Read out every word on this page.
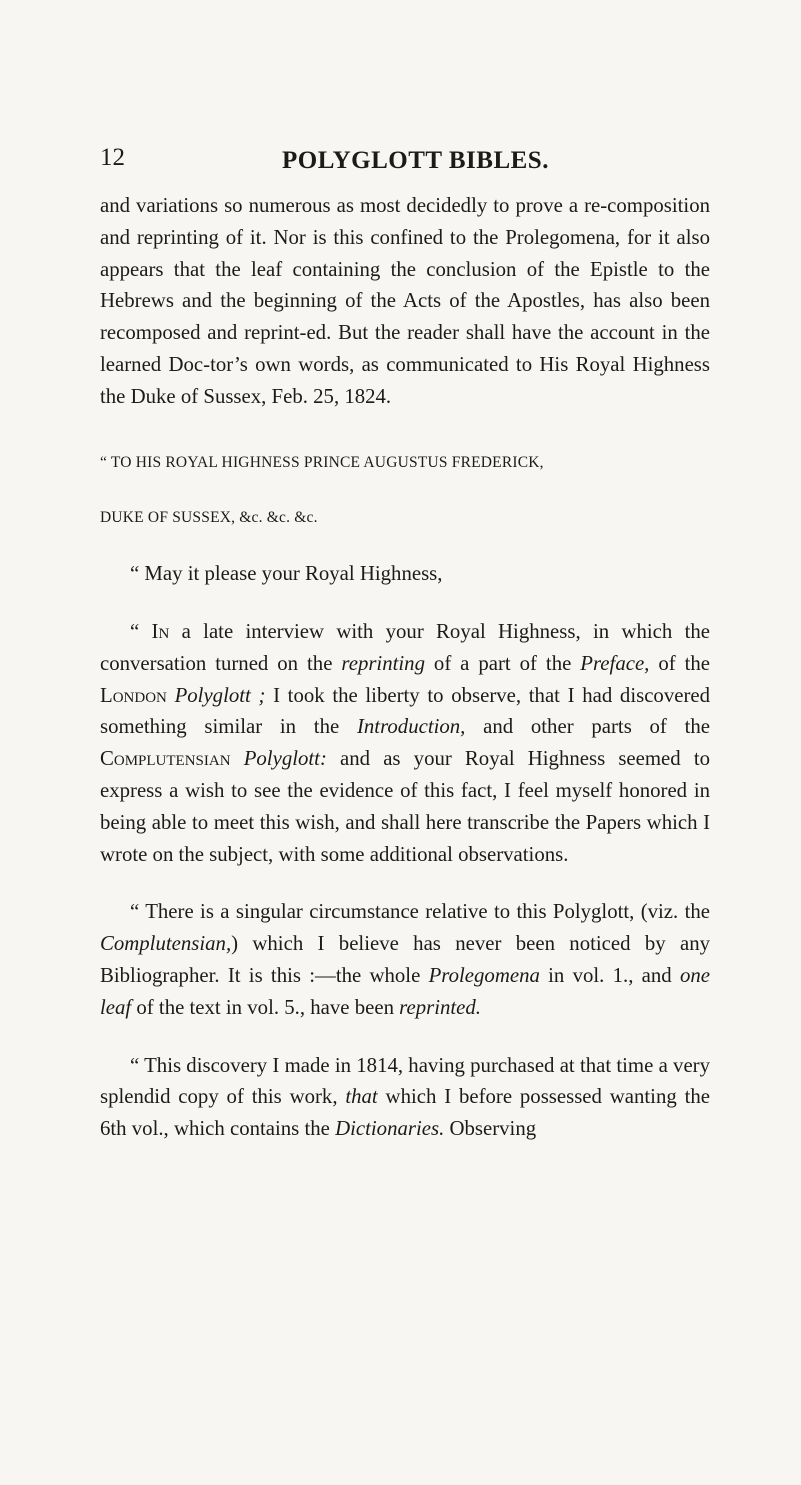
12	POLYGLOTT BIBLES.

and variations so numerous as most decidedly to prove a re-composition and reprinting of it. Nor is this confined to the Prolegomena, for it also appears that the leaf containing the conclusion of the Epistle to the Hebrews and the beginning of the Acts of the Apostles, has also been recomposed and reprint-ed. But the reader shall have the account in the learned Doc-tor’s own words, as communicated to His Royal Highness the Duke of Sussex, Feb. 25, 1824.

“ TO HIS ROYAL HIGHNESS PRINCE AUGUSTUS FREDERICK,

DUKE OF SUSSEX, &c. &c. &c.

“ May it please your Royal Highness,

“ In a late interview with your Royal Highness, in which the conversation turned on the reprinting of a part of the Preface, of the London Polyglott ; I took the liberty to observe, that I had discovered something similar in the Introduction, and other parts of the Complutensian Polyglott: and as your Royal Highness seemed to express a wish to see the evidence of this fact, I feel myself honored in being able to meet this wish, and shall here transcribe the Papers which I wrote on the subject, with some additional observations.

“ There is a singular circumstance relative to this Polyglott, (viz. the Complutensian,) which I believe has never been noticed by any Bibliographer. It is this :—the whole Prolegomena in vol. 1., and one leaf of the text in vol. 5., have been reprinted.

“ This discovery I made in 1814, having purchased at that time a very splendid copy of this work, that which I before possessed wanting the 6th vol., which contains the Dictionaries. Observing
